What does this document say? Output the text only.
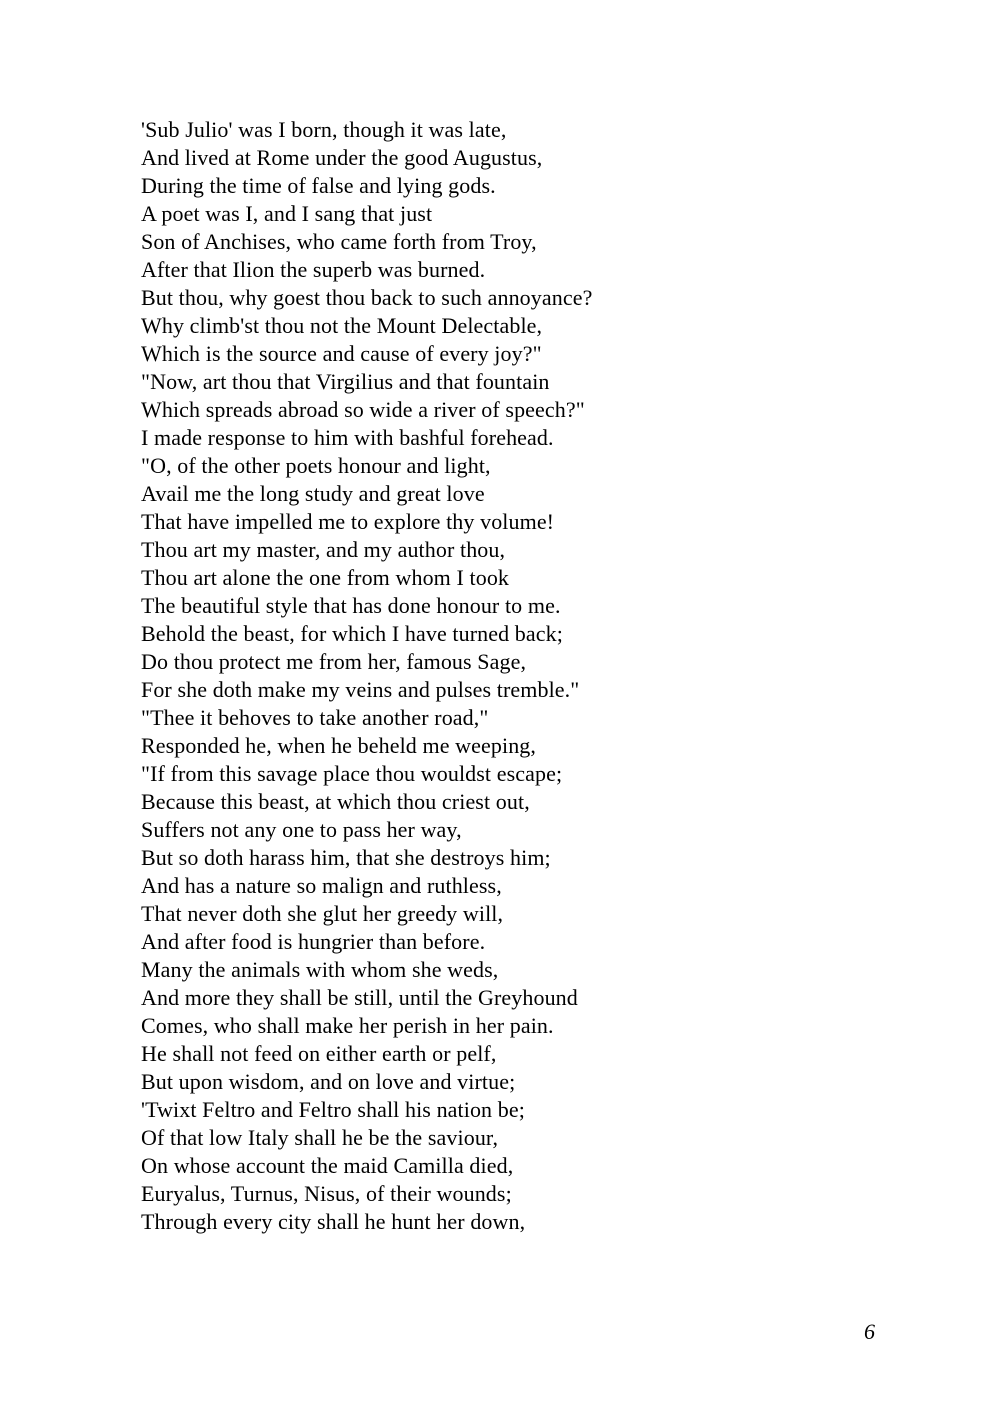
'Sub Julio' was I born, though it was late,
And lived at Rome under the good Augustus,
During the time of false and lying gods.
A poet was I, and I sang that just
Son of Anchises, who came forth from Troy,
After that Ilion the superb was burned.
But thou, why goest thou back to such annoyance?
Why climb'st thou not the Mount Delectable,
Which is the source and cause of every joy?"
"Now, art thou that Virgilius and that fountain
Which spreads abroad so wide a river of speech?"
I made response to him with bashful forehead.
"O, of the other poets honour and light,
Avail me the long study and great love
That have impelled me to explore thy volume!
Thou art my master, and my author thou,
Thou art alone the one from whom I took
The beautiful style that has done honour to me.
Behold the beast, for which I have turned back;
Do thou protect me from her, famous Sage,
For she doth make my veins and pulses tremble."
"Thee it behoves to take another road,"
Responded he, when he beheld me weeping,
"If from this savage place thou wouldst escape;
Because this beast, at which thou criest out,
Suffers not any one to pass her way,
But so doth harass him, that she destroys him;
And has a nature so malign and ruthless,
That never doth she glut her greedy will,
And after food is hungrier than before.
Many the animals with whom she weds,
And more they shall be still, until the Greyhound
Comes, who shall make her perish in her pain.
He shall not feed on either earth or pelf,
But upon wisdom, and on love and virtue;
'Twixt Feltro and Feltro shall his nation be;
Of that low Italy shall he be the saviour,
On whose account the maid Camilla died,
Euryalus, Turnus, Nisus, of their wounds;
Through every city shall he hunt her down,
6
